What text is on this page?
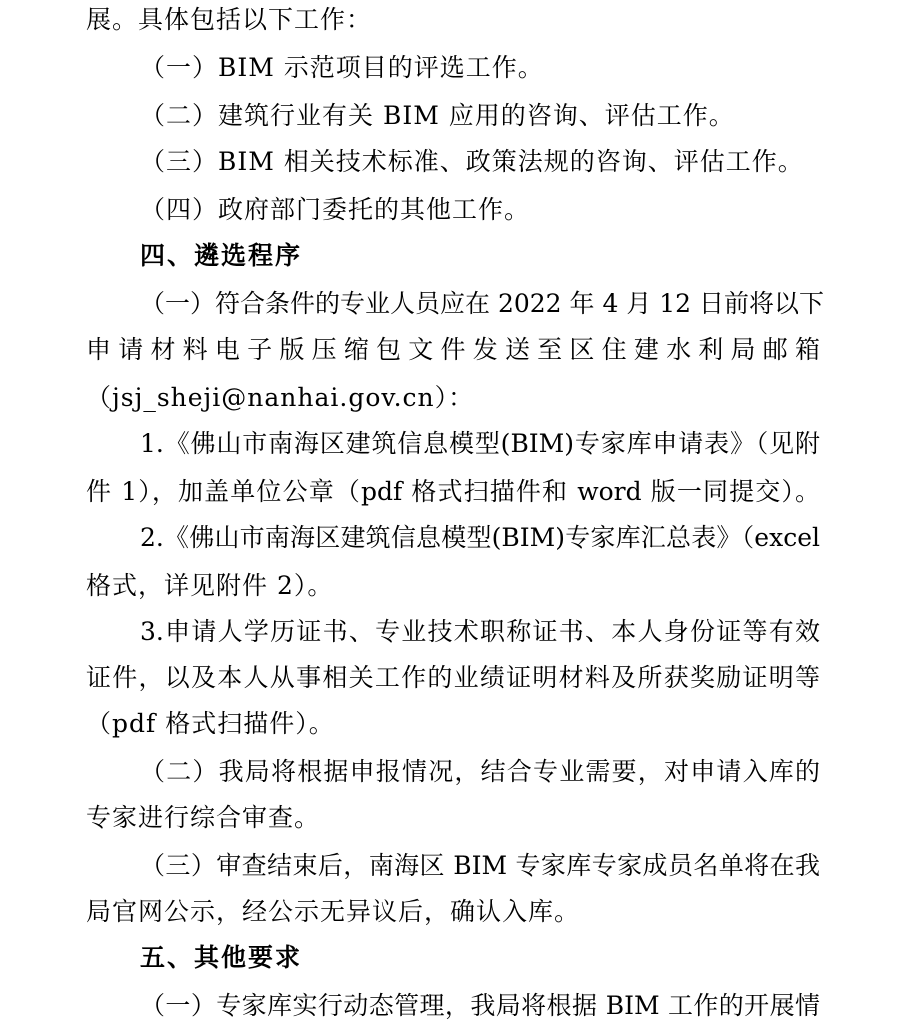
展。具体包括以下工作：
（一）BIM 示范项目的评选工作。
（二）建筑行业有关 BIM 应用的咨询、评估工作。
（三）BIM 相关技术标准、政策法规的咨询、评估工作。
（四）政府部门委托的其他工作。
四、遴选程序
（一）符合条件的专业人员应在 2022 年 4 月 12 日前将以下
申请材料电子版压缩包文件发送至区住建水利局邮箱
（jsj_sheji@nanhai.gov.cn）：
1.《佛山市南海区建筑信息模型(BIM)专家库申请表》（见附
件 1），加盖单位公章（pdf 格式扫描件和 word 版一同提交）。
2.《佛山市南海区建筑信息模型(BIM)专家库汇总表》（excel
格式，详见附件 2）。
3.申请人学历证书、专业技术职称证书、本人身份证等有效
证件，以及本人从事相关工作的业绩证明材料及所获奖励证明等
（pdf 格式扫描件）。
（二）我局将根据申报情况，结合专业需要，对申请入库的
专家进行综合审查。
（三）审查结束后，南海区 BIM 专家库专家成员名单将在我
局官网公示，经公示无异议后，确认入库。
五、其他要求
（一）专家库实行动态管理，我局将根据 BIM 工作的开展情
